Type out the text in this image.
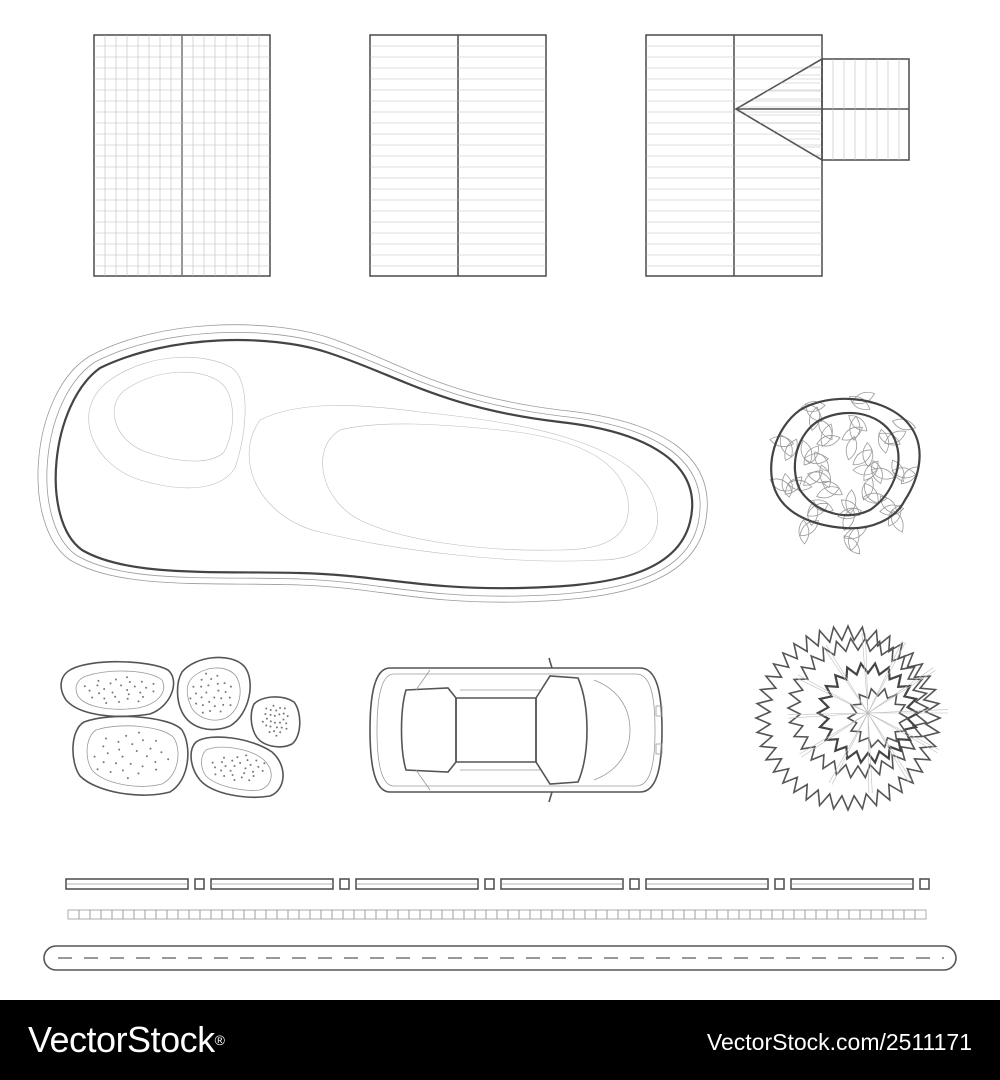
VectorStock®	VectorStock.com/2511171
